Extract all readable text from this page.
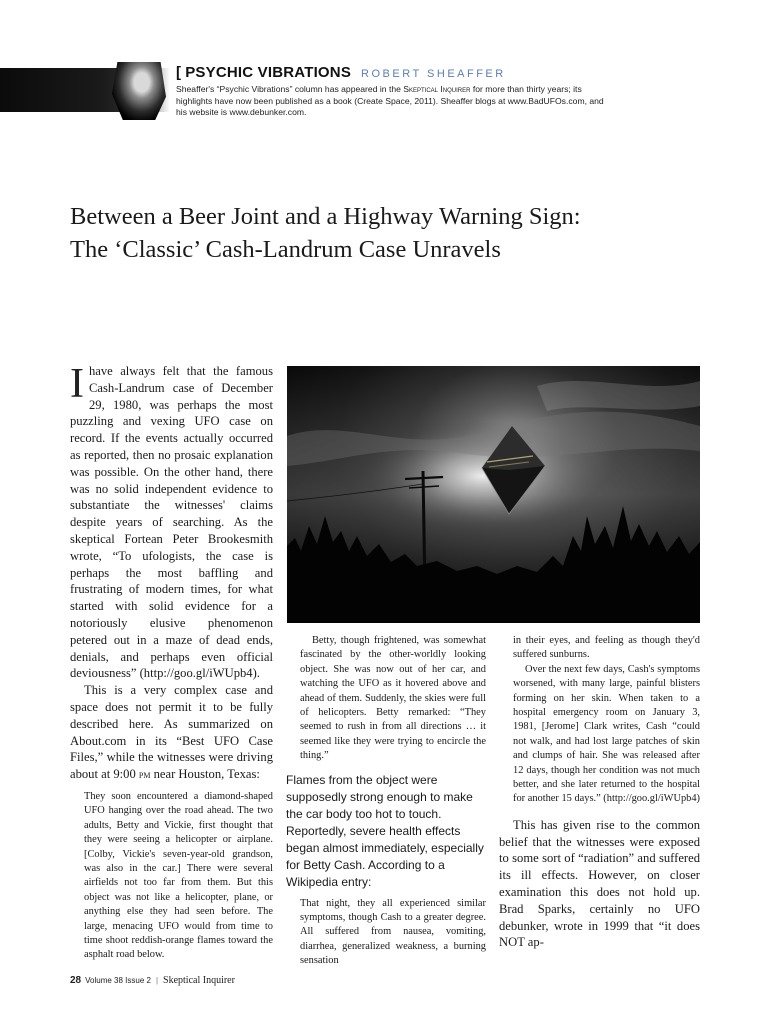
[ PSYCHIC VIBRATIONS ROBERT SHEAFFER
Sheaffer's “Psychic Vibrations” column has appeared in the Skeptical Inquirer for more than thirty years; its highlights have now been published as a book (Create Space, 2011). Sheaffer blogs at www.BadUFOs.com, and his website is www.debunker.com.
Between a Beer Joint and a Highway Warning Sign:
The ‘Classic’ Cash-Landrum Case Unravels

Ihave always felt that the famous Cash-Landrum case of December 29, 1980, was perhaps the most puzzling and vexing UFO case on record. If the events actually occurred as reported, then no prosaic explanation was possible. On the other hand, there was no solid independent evidence to substantiate the witnesses' claims despite years of searching. As the skeptical Fortean Peter Brookesmith wrote, “To ufologists, the case is perhaps the most baffling and frustrating of modern times, for what started with solid evidence for a notoriously elusive phenomenon petered out in a maze of dead ends, denials, and perhaps even official deviousness” (http://goo.gl/iWUpb4).

This is a very complex case and space does not permit it to be fully described here. As summarized on About.com in its “Best UFO Case Files,” while the witnesses were driving about at 9:00 pm near Houston, Texas:

They soon encountered a diamond-shaped UFO hanging over the road ahead. The two adults, Betty and Vickie, first thought that they were seeing a helicopter or airplane. [Colby, Vickie's seven-year-old grandson, was also in the car.] There were several airfields not too far from them. But this object was not like a helicopter, plane, or anything else they had seen before. The large, menacing UFO would from time to time shoot reddish-orange flames toward the asphalt road below.

Betty, though frightened, was somewhat fascinated by the other-worldly looking object. She was now out of her car, and watching the UFO as it hovered above and ahead of them. Suddenly, the skies were full of helicopters. Betty remarked: “They seemed to rush in from all directions … it seemed like they were trying to encircle the thing.”

Flames from the object were supposedly strong enough to make the car body too hot to touch. Reportedly, severe health effects began almost immediately, especially for Betty Cash. According to a Wikipedia entry:

That night, they all experienced similar symptoms, though Cash to a greater degree. All suffered from nausea, vomiting, diarrhea, generalized weakness, a burning sensation

in their eyes, and feeling as though they'd suffered sunburns.

Over the next few days, Cash's symptoms worsened, with many large, painful blisters forming on her skin. When taken to a hospital emergency room on January 3, 1981, [Jerome] Clark writes, Cash “could not walk, and had lost large patches of skin and clumps of hair. She was released after 12 days, though her condition was not much better, and she later returned to the hospital for another 15 days.” (http://goo.gl/iWUpb4)

This has given rise to the common belief that the witnesses were exposed to some sort of “radiation” and suffered its ill effects. However, on closer examination this does not hold up. Brad Sparks, certainly no UFO debunker, wrote in 1999 that “it does NOT ap-

28 Volume 38 Issue 2 | Skeptical Inquirer
